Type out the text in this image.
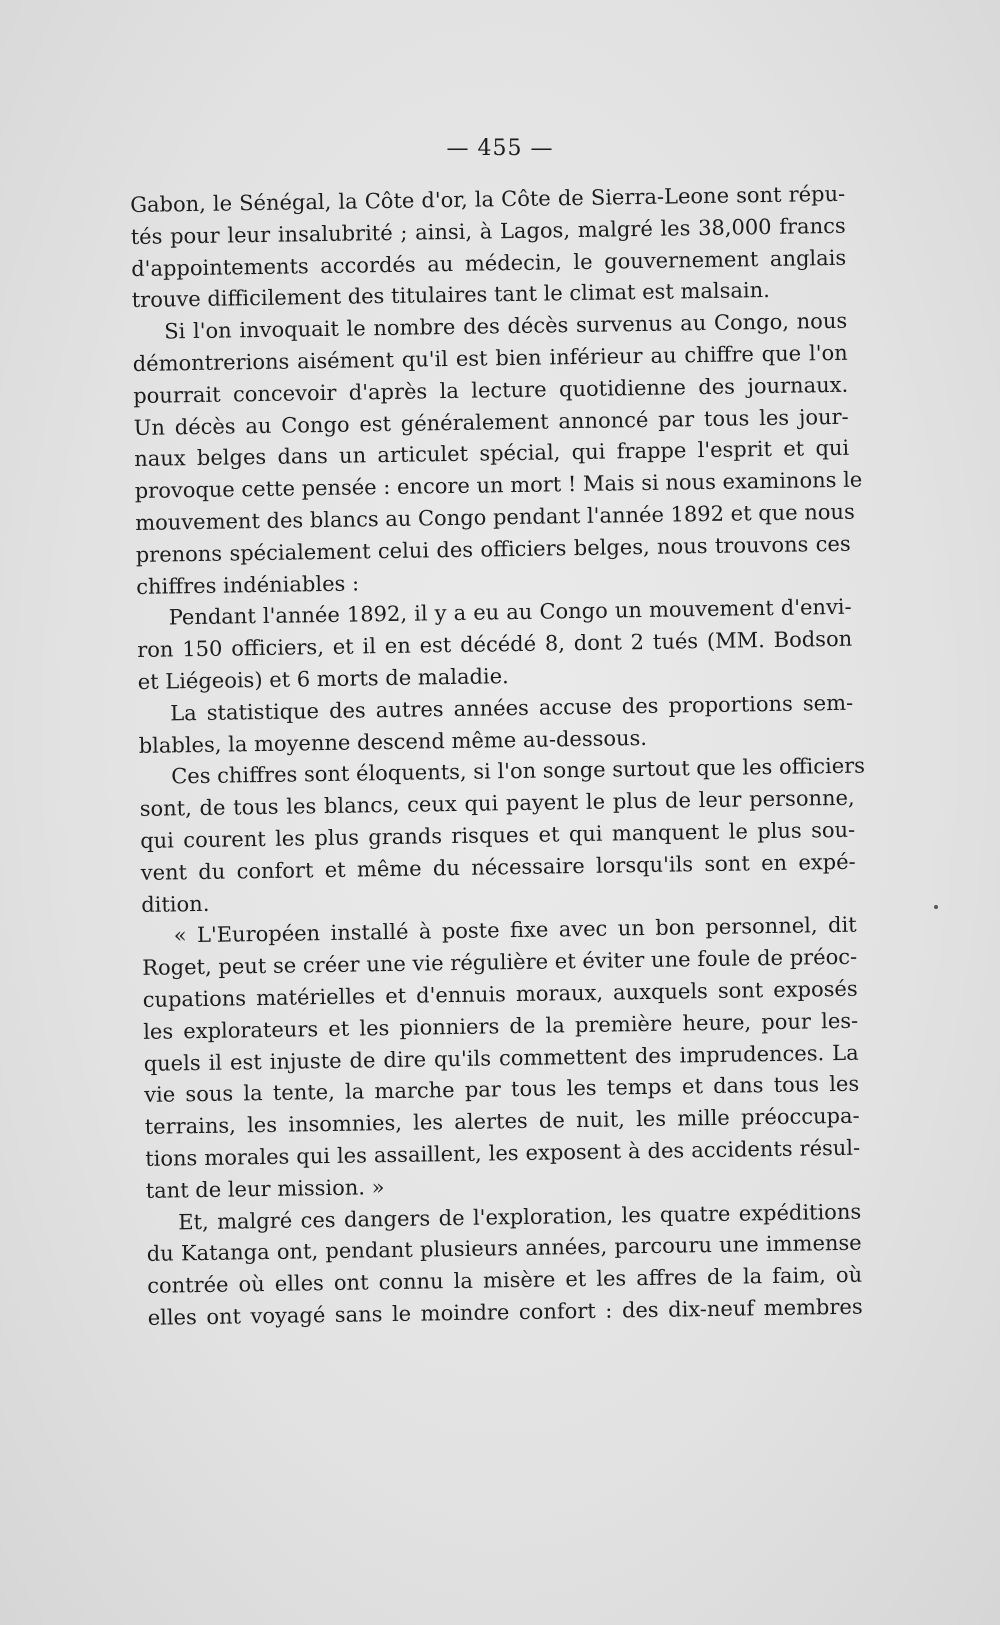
— 455 —
Gabon, le Sénégal, la Côte d'or, la Côte de Sierra-Leone sont répu-
tés pour leur insalubrité ; ainsi, à Lagos, malgré les 38,000 francs
d'appointements accordés au médecin, le gouvernement anglais
trouve difficilement des titulaires tant le climat est malsain.
Si l'on invoquait le nombre des décès survenus au Congo, nous
démontrerions aisément qu'il est bien inférieur au chiffre que l'on
pourrait concevoir d'après la lecture quotidienne des journaux.
Un décès au Congo est généralement annoncé par tous les jour-
naux belges dans un articulet spécial, qui frappe l'esprit et qui
provoque cette pensée : encore un mort ! Mais si nous examinons le
mouvement des blancs au Congo pendant l'année 1892 et que nous
prenons spécialement celui des officiers belges, nous trouvons ces
chiffres indéniables :
Pendant l'année 1892, il y a eu au Congo un mouvement d'envi-
ron 150 officiers, et il en est décédé 8, dont 2 tués (MM. Bodson
et Liégeois) et 6 morts de maladie.
La statistique des autres années accuse des proportions sem-
blables, la moyenne descend même au-dessous.
Ces chiffres sont éloquents, si l'on songe surtout que les officiers
sont, de tous les blancs, ceux qui payent le plus de leur personne,
qui courent les plus grands risques et qui manquent le plus sou-
vent du confort et même du nécessaire lorsqu'ils sont en expé-
dition.
« L'Européen installé à poste fixe avec un bon personnel, dit
Roget, peut se créer une vie régulière et éviter une foule de préoc-
cupations matérielles et d'ennuis moraux, auxquels sont exposés
les explorateurs et les pionniers de la première heure, pour les-
quels il est injuste de dire qu'ils commettent des imprudences. La
vie sous la tente, la marche par tous les temps et dans tous les
terrains, les insomnies, les alertes de nuit, les mille préoccupa-
tions morales qui les assaillent, les exposent à des accidents résul-
tant de leur mission. »
Et, malgré ces dangers de l'exploration, les quatre expéditions
du Katanga ont, pendant plusieurs années, parcouru une immense
contrée où elles ont connu la misère et les affres de la faim, où
elles ont voyagé sans le moindre confort : des dix-neuf membres
